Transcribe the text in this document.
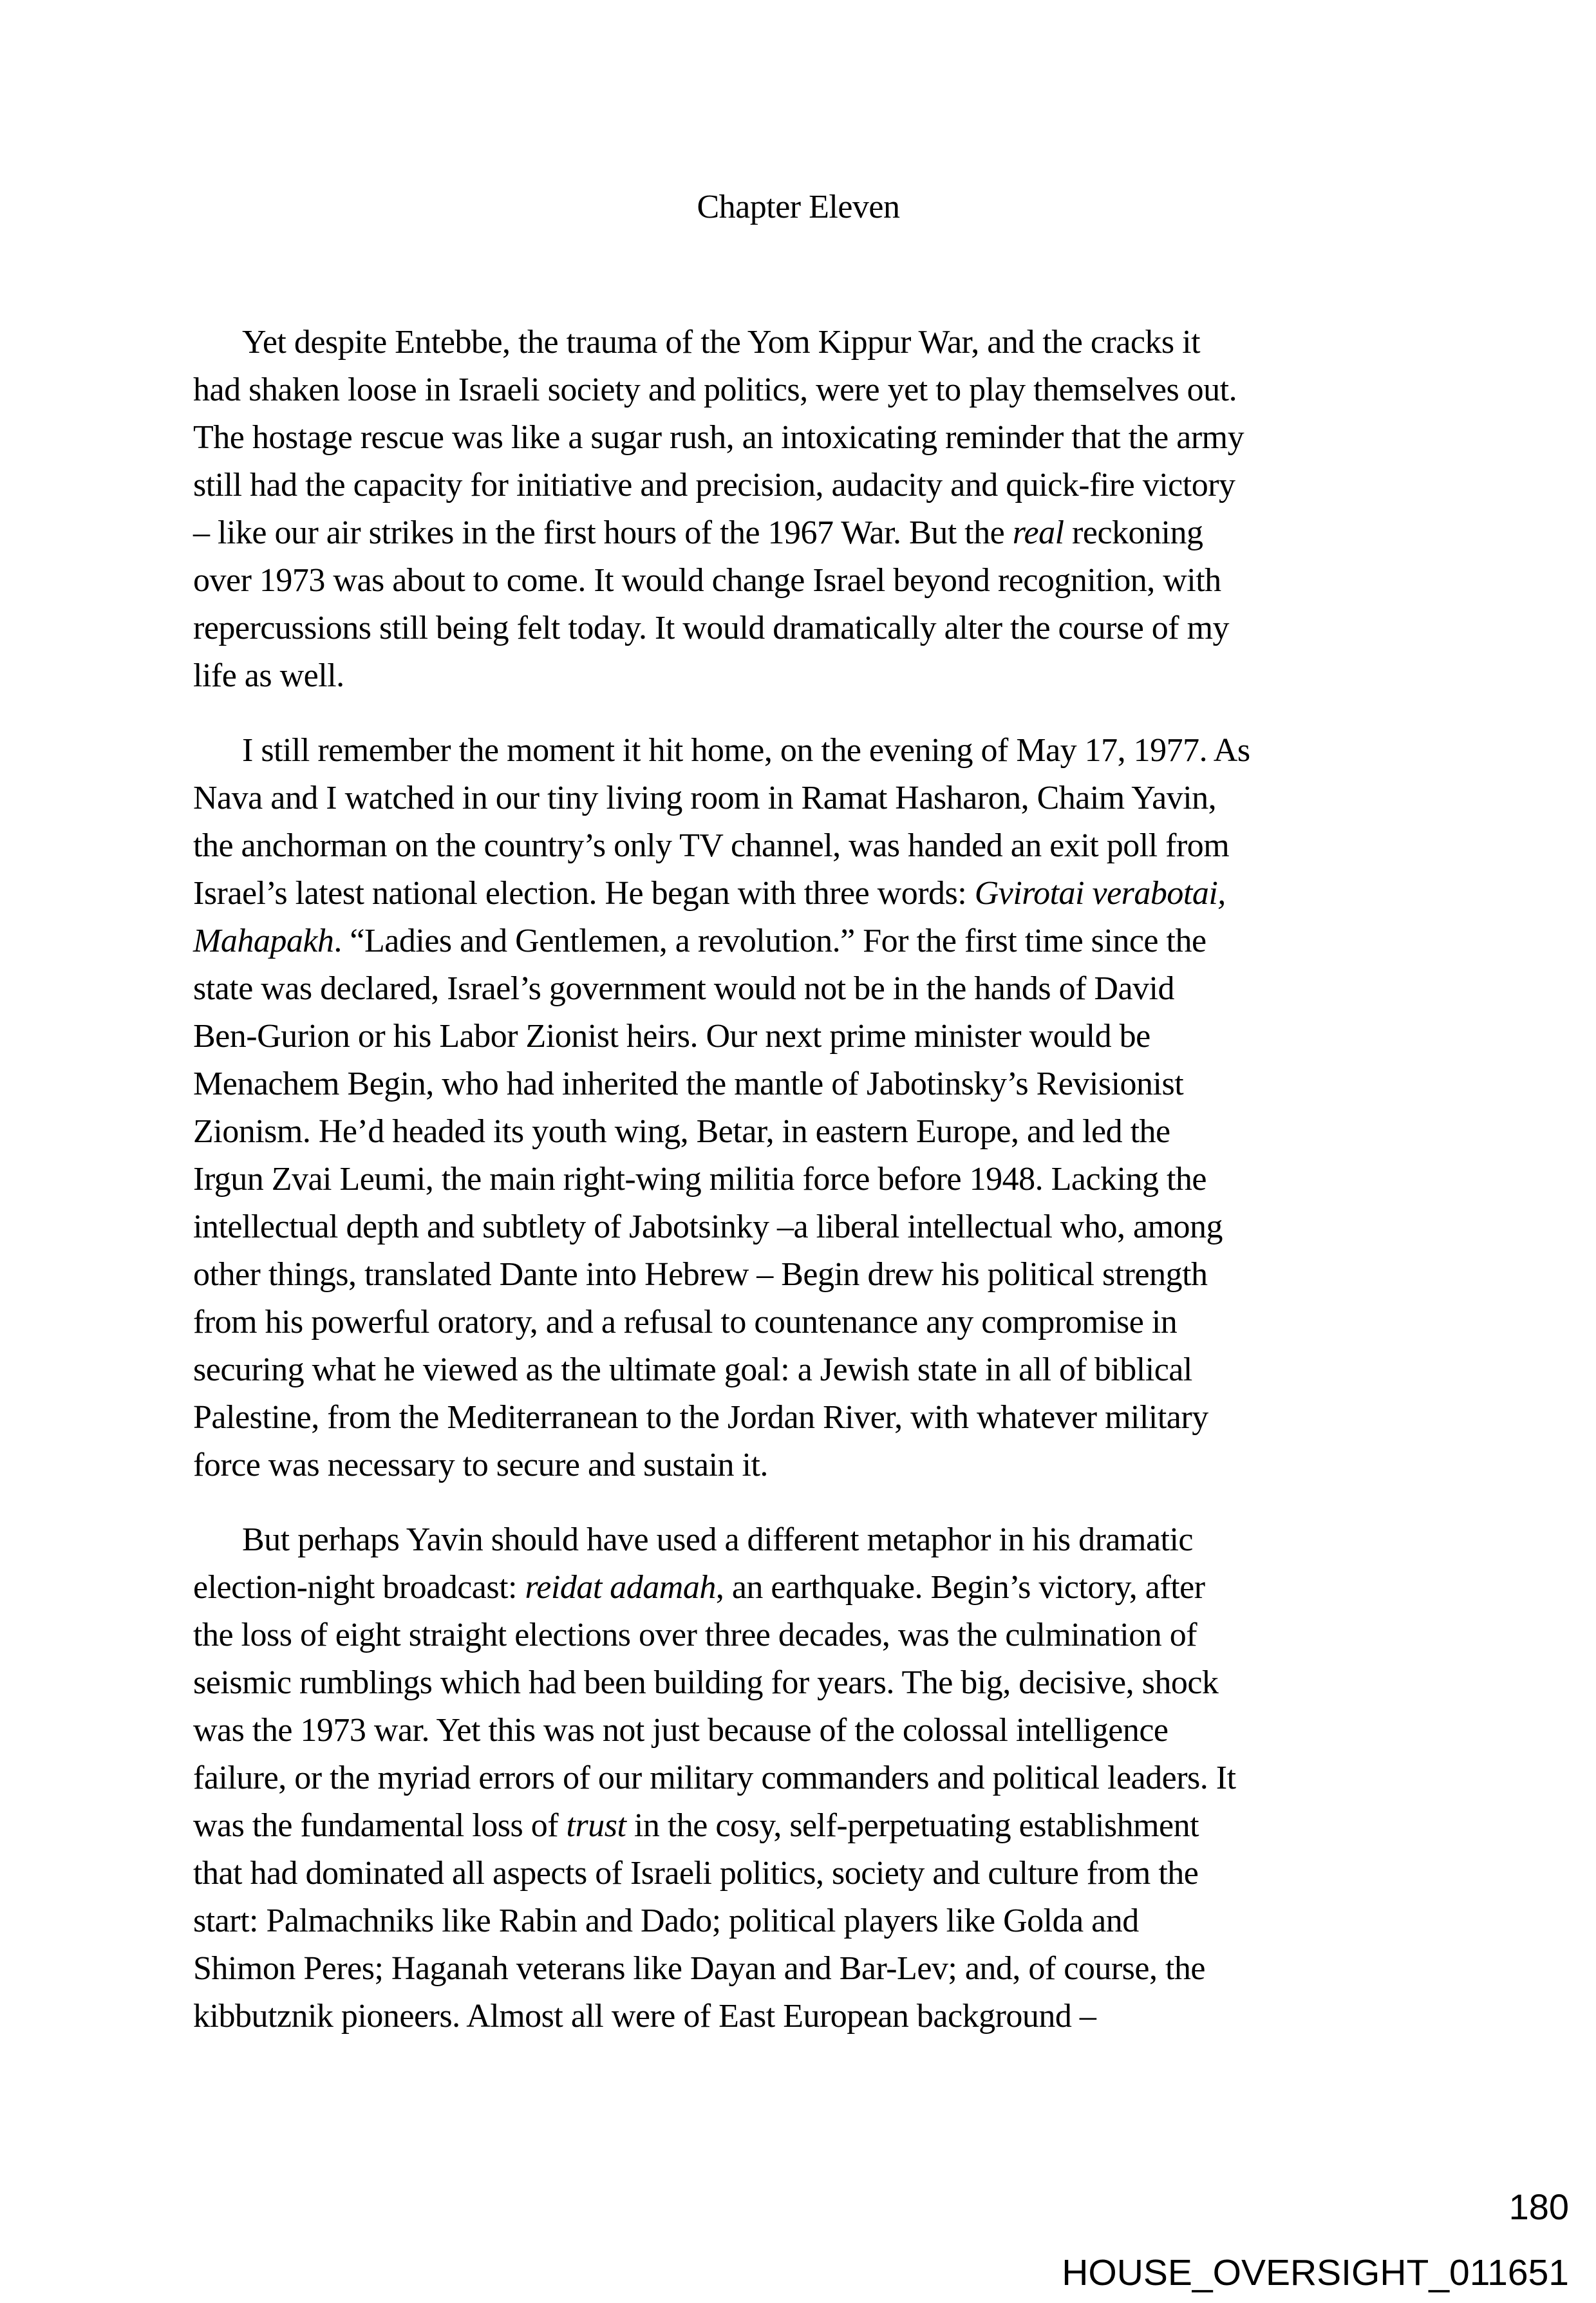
Chapter Eleven
Yet despite Entebbe, the trauma of the Yom Kippur War, and the cracks it
had shaken loose in Israeli society and politics, were yet to play themselves out.
The hostage rescue was like a sugar rush, an intoxicating reminder that the army
still had the capacity for initiative and precision, audacity and quick-fire victory
– like our air strikes in the first hours of the 1967 War. But the real reckoning
over 1973 was about to come. It would change Israel beyond recognition, with
repercussions still being felt today. It would dramatically alter the course of my
life as well.
I still remember the moment it hit home, on the evening of May 17, 1977. As
Nava and I watched in our tiny living room in Ramat Hasharon, Chaim Yavin,
the anchorman on the country’s only TV channel, was handed an exit poll from
Israel’s latest national election. He began with three words: Gvirotai verabotai,
Mahapakh. “Ladies and Gentlemen, a revolution.” For the first time since the
state was declared, Israel’s government would not be in the hands of David
Ben-Gurion or his Labor Zionist heirs. Our next prime minister would be
Menachem Begin, who had inherited the mantle of Jabotinsky’s Revisionist
Zionism. He’d headed its youth wing, Betar, in eastern Europe, and led the
Irgun Zvai Leumi, the main right-wing militia force before 1948. Lacking the
intellectual depth and subtlety of Jabotsinky –a liberal intellectual who, among
other things, translated Dante into Hebrew – Begin drew his political strength
from his powerful oratory, and a refusal to countenance any compromise in
securing what he viewed as the ultimate goal: a Jewish state in all of biblical
Palestine, from the Mediterranean to the Jordan River, with whatever military
force was necessary to secure and sustain it.
But perhaps Yavin should have used a different metaphor in his dramatic
election-night broadcast: reidat adamah, an earthquake. Begin’s victory, after
the loss of eight straight elections over three decades, was the culmination of
seismic rumblings which had been building for years. The big, decisive, shock
was the 1973 war. Yet this was not just because of the colossal intelligence
failure, or the myriad errors of our military commanders and political leaders. It
was the fundamental loss of trust in the cosy, self-perpetuating establishment
that had dominated all aspects of Israeli politics, society and culture from the
start: Palmachniks like Rabin and Dado; political players like Golda and
Shimon Peres; Haganah veterans like Dayan and Bar-Lev; and, of course, the
kibbutznik pioneers. Almost all were of East European background –
180
HOUSE_OVERSIGHT_011651
